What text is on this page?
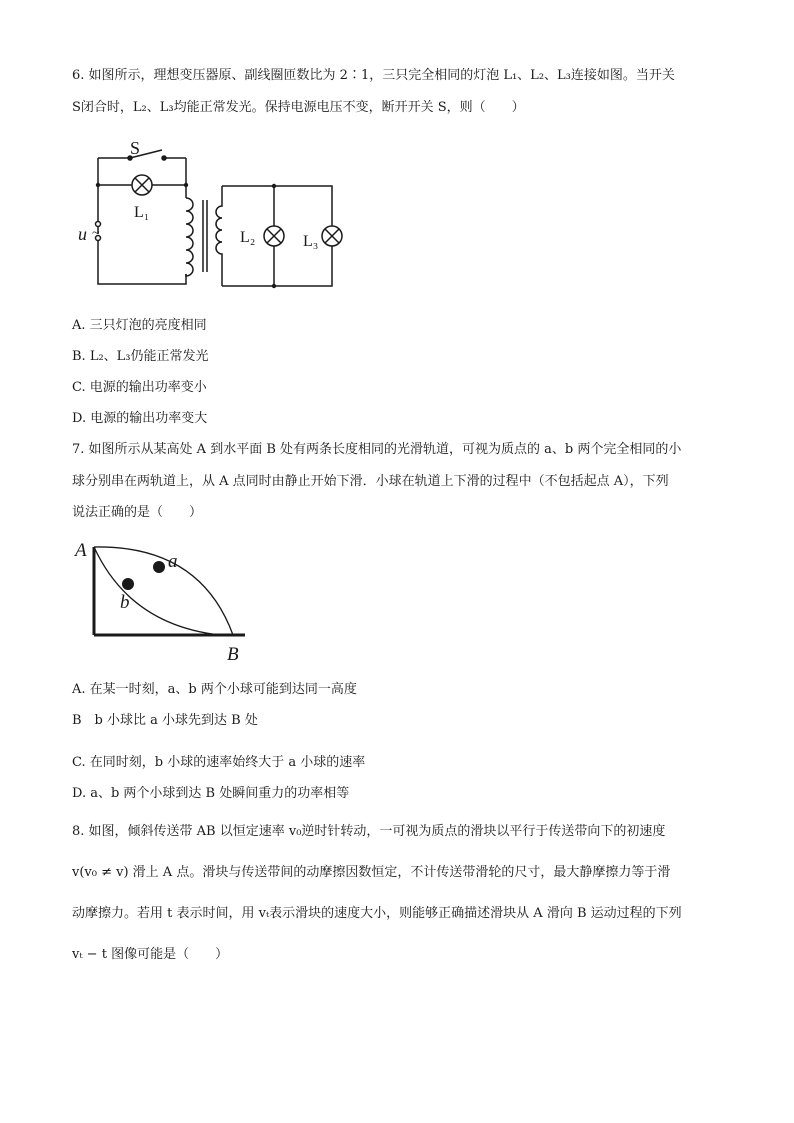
6. 如图所示，理想变压器原、副线圈匝数比为 2∶1，三只完全相同的灯泡 L₁、L₂、L₃连接如图。当开关
S闭合时，L₂、L₃均能正常发光。保持电源电压不变，断开开关 S，则（　　）
S
L₁
u ~	L₂	L₃
A. 三只灯泡的亮度相同
B. L₂、L₃仍能正常发光
C. 电源的输出功率变小
D. 电源的输出功率变大
7. 如图所示从某高处 A 到水平面 B 处有两条长度相同的光滑轨道，可视为质点的 a、b 两个完全相同的小
球分别串在两轨道上，从 A 点同时由静止开始下滑．小球在轨道上下滑的过程中（不包括起点 A），下列
说法正确的是（　　）
A
B
a
b
A. 在某一时刻，a、b 两个小球可能到达同一高度
B　b 小球比 a 小球先到达 B 处
C. 在同时刻，b 小球的速率始终大于 a 小球的速率
D. a、b 两个小球到达 B 处瞬间重力的功率相等
8. 如图，倾斜传送带 AB 以恒定速率 v₀逆时针转动，一可视为质点的滑块以平行于传送带向下的初速度
v(v₀ ≠ v) 滑上 A 点。滑块与传送带间的动摩擦因数恒定，不计传送带滑轮的尺寸，最大静摩擦力等于滑
动摩擦力。若用 t 表示时间，用 vₜ表示滑块的速度大小，则能够正确描述滑块从 A 滑向 B 运动过程的下列
vₜ − t 图像可能是（　　）
